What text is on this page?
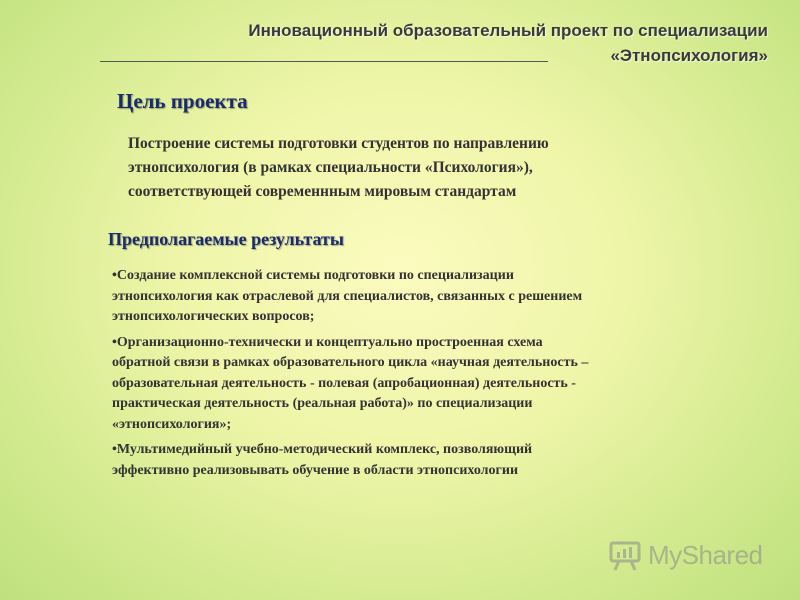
Инновационный образовательный проект по специализации
«Этнопсихология»
Цель проекта
Построение системы подготовки студентов по направлению
этнопсихология (в рамках специальности «Психология»),
соответствующей современнным мировым стандартам
Предполагаемые результаты
•Создание комплексной системы подготовки по специализации
этнопсихология как отраслевой для специалистов, связанных с решением
этнопсихологических вопросов;
•Организационно-технически и концептуально простроенная схема
обратной связи в рамках образовательного цикла «научная деятельность –
образовательная деятельность - полевая (апробационная) деятельность -
практическая деятельность (реальная работа)» по специализации
«этнопсихология»;
•Мультимедийный учебно-методический комплекс, позволяющий
эффективно реализовывать обучение в области этнопсихологии
MyShared
